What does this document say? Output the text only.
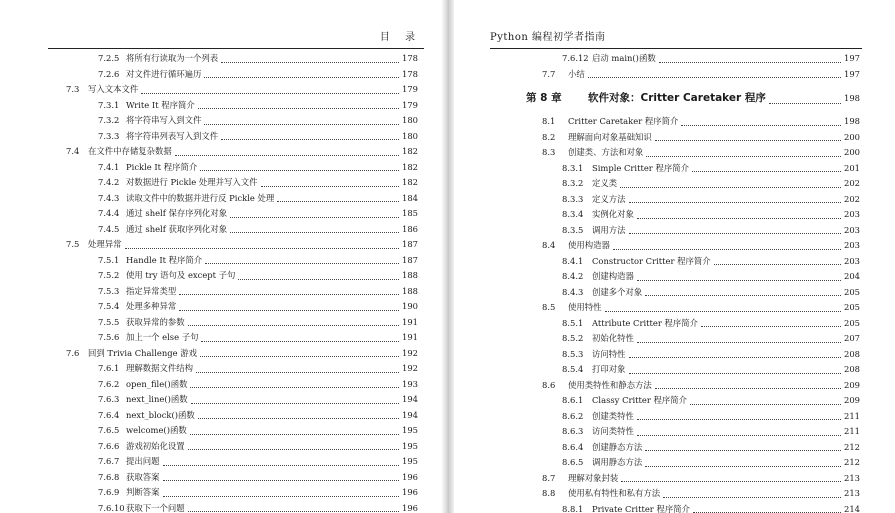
目 录
7.2.5 将所有行读取为一个列表	178
7.2.6 对文件进行循环遍历	178
7.3	写入文本文件	179
7.3.1 Write It 程序简介	179
7.3.2 将字符串写入到文件	180
7.3.3 将字符串列表写入到文件	180
7.4	在文件中存储复杂数据	182
7.4.1 Pickle It 程序简介	182
7.4.2 对数据进行 Pickle 处理并写入文件	182
7.4.3 读取文件中的数据并进行反 Pickle 处理	184
7.4.4 通过 shelf 保存序列化对象	185
7.4.5 通过 shelf 获取序列化对象	186
7.5	处理异常	187
7.5.1 Handle It 程序简介	187
7.5.2 使用 try 语句及 except 子句	188
7.5.3 指定异常类型	188
7.5.4 处理多种异常	190
7.5.5 获取异常的参数	191
7.5.6 加上一个 else 子句	191
7.6	回到 Trivia Challenge 游戏	192
7.6.1 理解数据文件结构	192
7.6.2 open_file()函数	193
7.6.3 next_line()函数	194
7.6.4 next_block()函数	194
7.6.5 welcome()函数	195
7.6.6 游戏初始化设置	195
7.6.7 提出问题	195
7.6.8 获取答案	196
7.6.9 判断答案	196
7.6.10 获取下一个问题	196
Python 编程初学者指南
7.6.12 启动 main()函数	197
7.7	小结	197
第 8 章	软件对象：Critter Caretaker 程序	198
8.1	Critter Caretaker 程序简介	198
8.2	理解面向对象基础知识	200
8.3	创建类、方法和对象	200
8.3.1	Simple Critter 程序简介	201
8.3.2	定义类	202
8.3.3	定义方法	202
8.3.4	实例化对象	203
8.3.5	调用方法	203
8.4	使用构造器	203
8.4.1	Constructor Critter 程序简介	203
8.4.2	创建构造器	204
8.4.3	创建多个对象	205
8.5	使用特性	205
8.5.1	Attribute Critter 程序简介	205
8.5.2	初始化特性	207
8.5.3	访问特性	208
8.5.4	打印对象	208
8.6	使用类特性和静态方法	209
8.6.1	Classy Critter 程序简介	209
8.6.2	创建类特性	211
8.6.3	访问类特性	211
8.6.4	创建静态方法	212
8.6.5	调用静态方法	212
8.7	理解对象封装	213
8.8	使用私有特性和私有方法	213
8.8.1	Private Critter 程序简介	214
